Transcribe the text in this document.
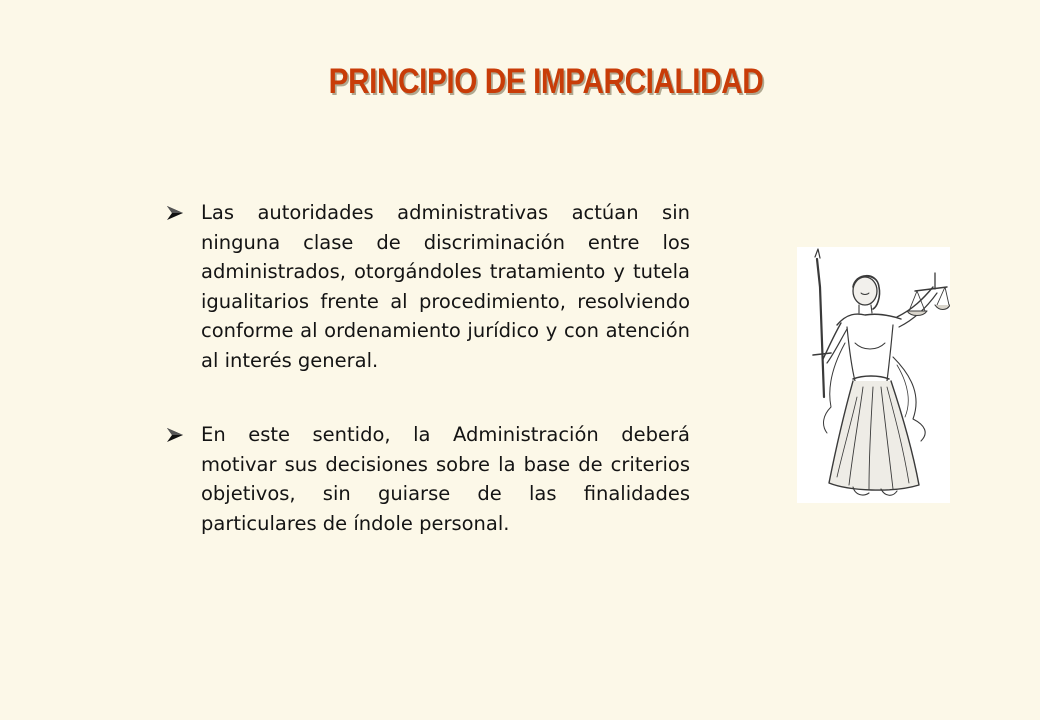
PRINCIPIO DE IMPARCIALIDAD
Las autoridades administrativas actúan sin ninguna clase de discriminación entre los administrados, otorgándoles tratamiento y tutela igualitarios frente al procedimiento, resolviendo conforme al ordenamiento jurídico y con atención al interés general.
En este sentido, la Administración deberá motivar sus decisiones sobre la base de criterios objetivos, sin guiarse de las finalidades particulares de índole personal.
